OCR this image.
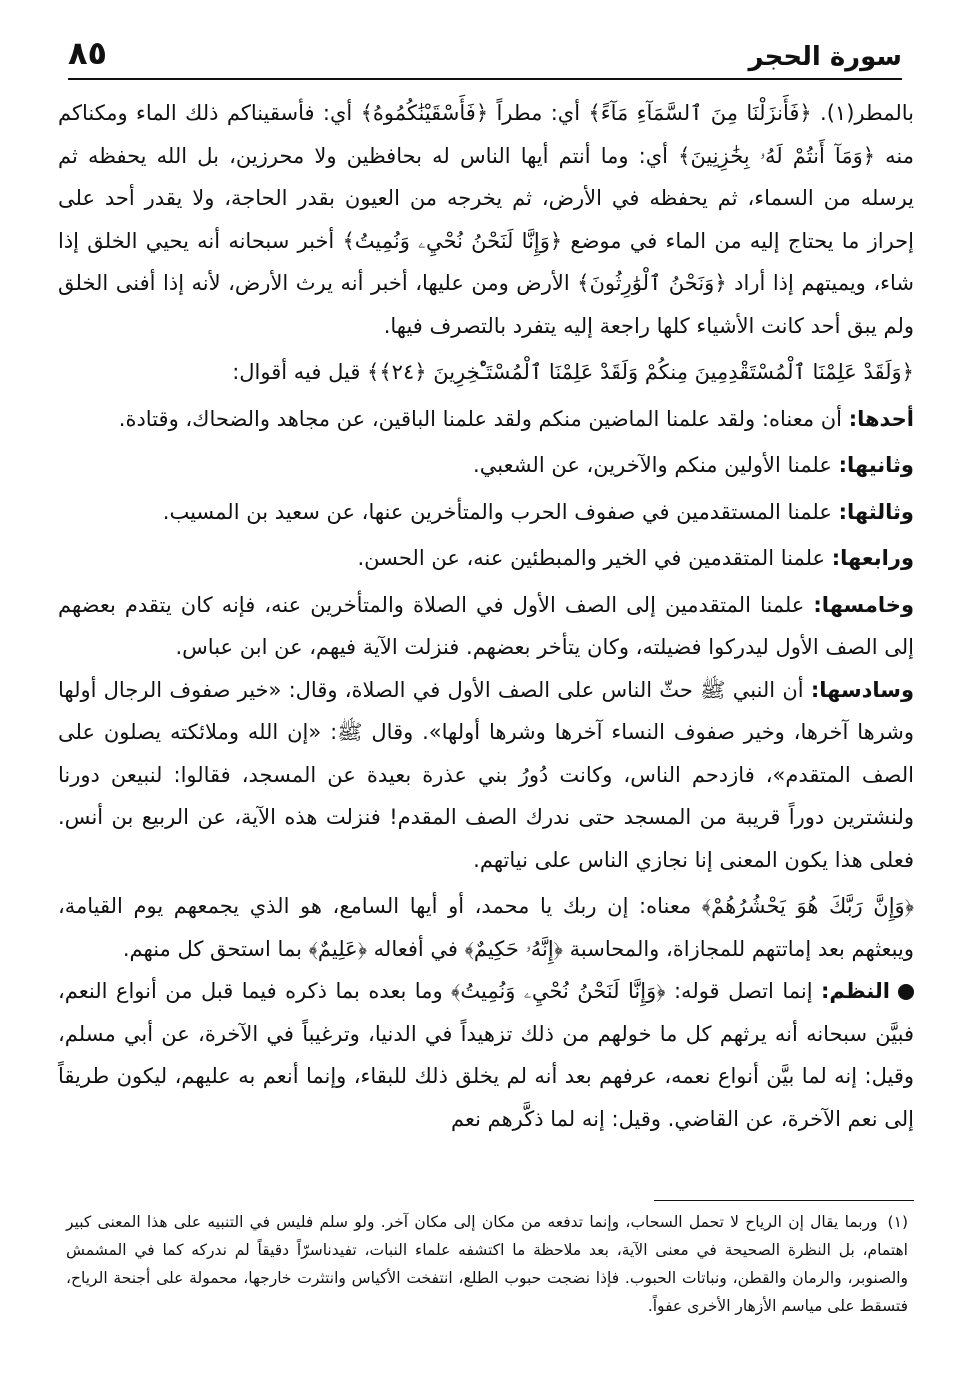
٨٥	سورة الحجر

بالمطر(١). ﴿فَأَنزَلْنَا مِنَ ٱلسَّمَآءِ مَآءً﴾ أي: مطراً ﴿فَأَسْقَيْنَٰكُمُوهُ﴾ أي: فأسقيناكم ذلك الماء ومكناكم منه ﴿وَمَآ أَنتُمْ لَهُۥ بِخَٰزِنِينَ﴾ أي: وما أنتم أيها الناس له بحافظين ولا محرزين، بل الله يحفظه ثم يرسله من السماء، ثم يحفظه في الأرض، ثم يخرجه من العيون بقدر الحاجة، ولا يقدر أحد على إحراز ما يحتاج إليه من الماء في موضع ﴿وَإِنَّا لَنَحْنُ نُحْيِۦ وَنُمِيتُ﴾ أخبر سبحانه أنه يحيي الخلق إذا شاء، ويميتهم إذا أراد ﴿وَنَحْنُ ٱلْوَٰرِثُونَ﴾ الأرض ومن عليها، أخبر أنه يرث الأرض، لأنه إذا أفنى الخلق ولم يبق أحد كانت الأشياء كلها راجعة إليه يتفرد بالتصرف فيها.

﴿وَلَقَدْ عَلِمْنَا ٱلْمُسْتَقْدِمِينَ مِنكُمْ وَلَقَدْ عَلِمْنَا ٱلْمُسْتَـْٔخِرِينَ ﴿٢٤﴾﴾ قيل فيه أقوال:

أحدها: أن معناه: ولقد علمنا الماضين منكم ولقد علمنا الباقين، عن مجاهد والضحاك، وقتادة.

وثانيها: علمنا الأولين منكم والآخرين، عن الشعبي.

وثالثها: علمنا المستقدمين في صفوف الحرب والمتأخرين عنها، عن سعيد بن المسيب.

ورابعها: علمنا المتقدمين في الخير والمبطئين عنه، عن الحسن.

وخامسها: علمنا المتقدمين إلى الصف الأول في الصلاة والمتأخرين عنه، فإنه كان يتقدم بعضهم إلى الصف الأول ليدركوا فضيلته، وكان يتأخر بعضهم. فنزلت الآية فيهم، عن ابن عباس.

وسادسها: أن النبي ﷺ حثّ الناس على الصف الأول في الصلاة، وقال: «خير صفوف الرجال أولها وشرها آخرها، وخير صفوف النساء آخرها وشرها أولها». وقال ﷺ: «إن الله وملائكته يصلون على الصف المتقدم»، فازدحم الناس، وكانت دُورُ بني عذرة بعيدة عن المسجد، فقالوا: لنبيعن دورنا ولنشترين دوراً قريبة من المسجد حتى ندرك الصف المقدم! فنزلت هذه الآية، عن الربيع بن أنس. فعلى هذا يكون المعنى إنا نجازي الناس على نياتهم.

﴿وَإِنَّ رَبَّكَ هُوَ يَحْشُرُهُمْ﴾ معناه: إن ربك يا محمد، أو أيها السامع، هو الذي يجمعهم يوم القيامة، ويبعثهم بعد إماتتهم للمجازاة، والمحاسبة ﴿إِنَّهُۥ حَكِيمٌ﴾ في أفعاله ﴿عَلِيمٌ﴾ بما استحق كل منهم.

النظم: إنما اتصل قوله: ﴿وَإِنَّا لَنَحْنُ نُحْيِۦ وَنُمِيتُ﴾ وما بعده بما ذكره فيما قبل من أنواع النعم، فبيَّن سبحانه أنه يرثهم كل ما خولهم من ذلك تزهيداً في الدنيا، وترغيباً في الآخرة، عن أبي مسلم، وقيل: إنه لما بيَّن أنواع نعمه، عرفهم بعد أنه لم يخلق ذلك للبقاء، وإنما أنعم به عليهم، ليكون طريقاً إلى نعم الآخرة، عن القاضي. وقيل: إنه لما ذكَّرهم نعم

(١)وربما يقال إن الرياح لا تحمل السحاب، وإنما تدفعه من مكان إلى مكان آخر. ولو سلم فليس في التنبيه على هذا المعنى كبير اهتمام، بل النظرة الصحيحة في معنى الآية، بعد ملاحظة ما اكتشفه علماء النبات، تفيدناسرّاً دقيقاً لم ندركه كما في المشمش والصنوبر، والرمان والقطن، ونباتات الحبوب. فإذا نضجت حبوب الطلع، انتفخت الأكياس وانتثرت خارجها، محمولة على أجنحة الرياح، فتسقط على مياسم الأزهار الأخرى عفواً.
